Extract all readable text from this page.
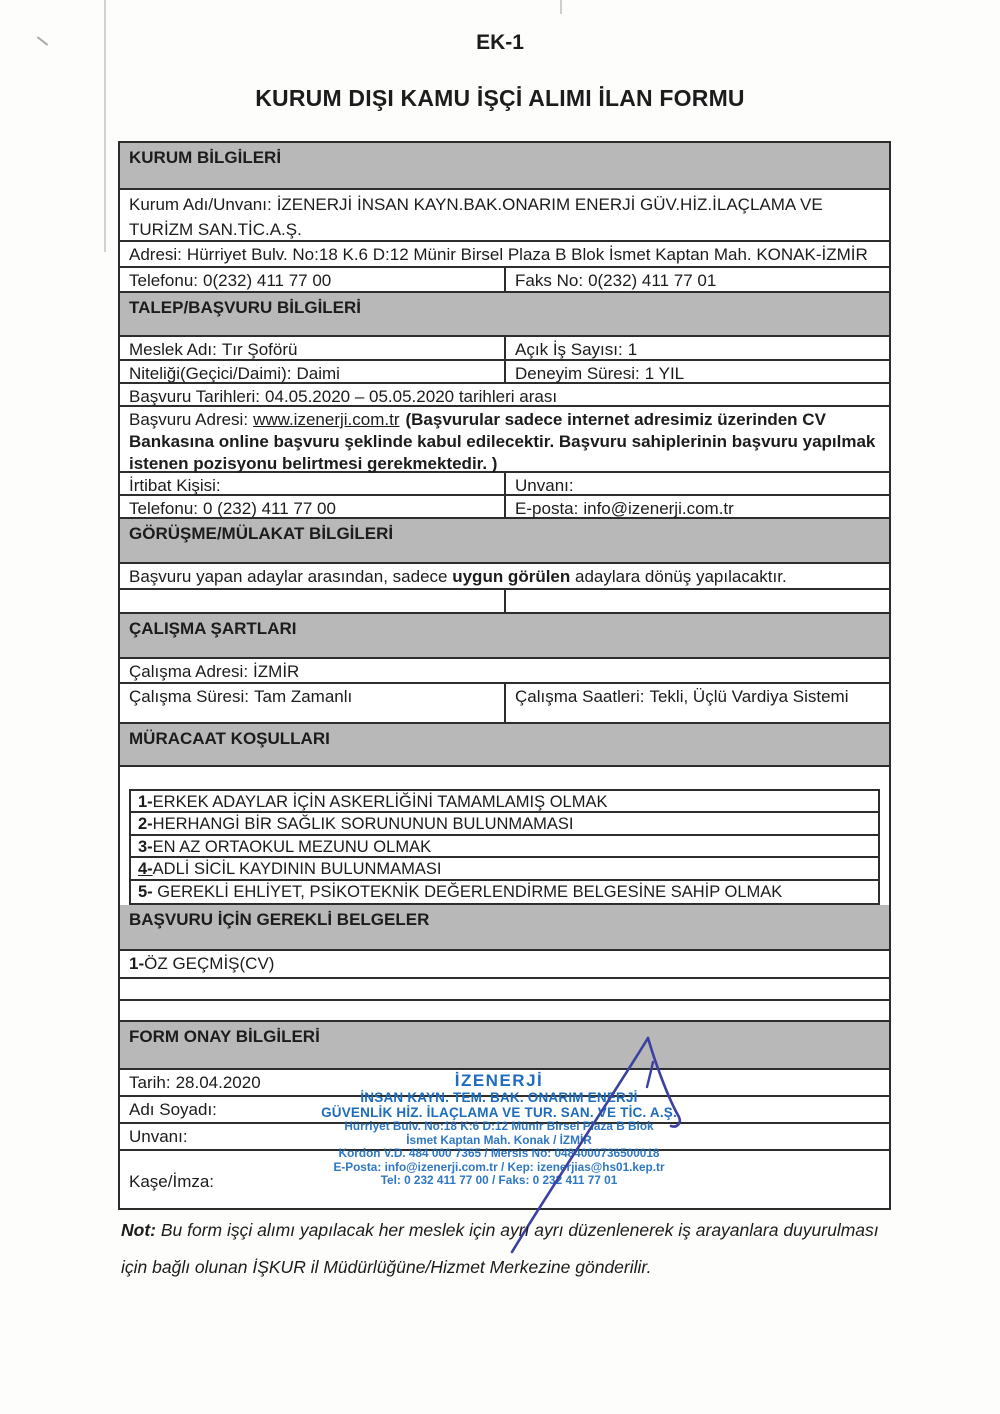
EK-1
KURUM DIŞI KAMU İŞÇİ ALIMI İLAN FORMU
KURUM BİLGİLERİ
Kurum Adı/Unvanı: İZENERJİ İNSAN KAYN.BAK.ONARIM ENERJİ GÜV.HİZ.İLAÇLAMA VE TURİZM SAN.TİC.A.Ş.
Adresi: Hürriyet Bulv. No:18 K.6 D:12 Münir Birsel Plaza B Blok İsmet Kaptan Mah. KONAK-İZMİR
Telefonu: 0(232) 411 77 00	Faks No: 0(232) 411 77 01
TALEP/BAŞVURU BİLGİLERİ
Meslek Adı: Tır Şoförü	Açık İş Sayısı: 1
Niteliği(Geçici/Daimi): Daimi	Deneyim Süresi: 1 YIL
Başvuru Tarihleri: 04.05.2020 – 05.05.2020 tarihleri arası
Başvuru Adresi: www.izenerji.com.tr (Başvurular sadece internet adresimiz üzerinden CV Bankasına online başvuru şeklinde kabul edilecektir. Başvuru sahiplerinin başvuru yapılmak istenen pozisyonu belirtmesi gerekmektedir. )
İrtibat Kişisi:	Unvanı:
Telefonu: 0 (232) 411 77 00	E-posta: info@izenerji.com.tr
GÖRÜŞME/MÜLAKAT BİLGİLERİ
Başvuru yapan adaylar arasından, sadece uygun görülen adaylara dönüş yapılacaktır.
ÇALIŞMA ŞARTLARI
Çalışma Adresi: İZMİR
Çalışma Süresi: Tam Zamanlı	Çalışma Saatleri: Tekli, Üçlü Vardiya Sistemi
MÜRACAAT KOŞULLARI
1-ERKEK ADAYLAR İÇİN ASKERLİĞİNİ TAMAMLAMIŞ OLMAK
2-HERHANGİ BİR SAĞLIK SORUNUNUN BULUNMAMASI
3-EN AZ ORTAOKUL MEZUNU OLMAK
4-ADLİ SİCİL KAYDININ BULUNMAMASI
5- GEREKLİ EHLİYET, PSİKOTEKNİK DEĞERLENDİRME BELGESİNE SAHİP OLMAK
BAŞVURU İÇİN GEREKLİ BELGELER
1-ÖZ GEÇMİŞ(CV)
FORM ONAY BİLGİLERİ
Tarih: 28.04.2020
Adı Soyadı:
Unvanı:
Kaşe/İmza:
İZENERJİ
İNSAN KAYN. TEM. BAK. ONARIM ENERJİ
GÜVENLİK HİZ. İLAÇLAMA VE TUR. SAN. VE TİC. A.Ş.
Hürriyet Bulv. No:18 K:6 D:12 Münir Birsel Plaza B Blok
İsmet Kaptan Mah. Konak / İZMİR
Kordon V.D. 484 000 7365 / Mersis No: 0484000736500018
E-Posta: info@izenerji.com.tr / Kep: izenerjias@hs01.kep.tr
Tel: 0 232 411 77 00 / Faks: 0 232 411 77 01
Not: Bu form işçi alımı yapılacak her meslek için ayrı ayrı düzenlenerek iş arayanlara duyurulması için bağlı olunan İŞKUR il Müdürlüğüne/Hizmet Merkezine gönderilir.
